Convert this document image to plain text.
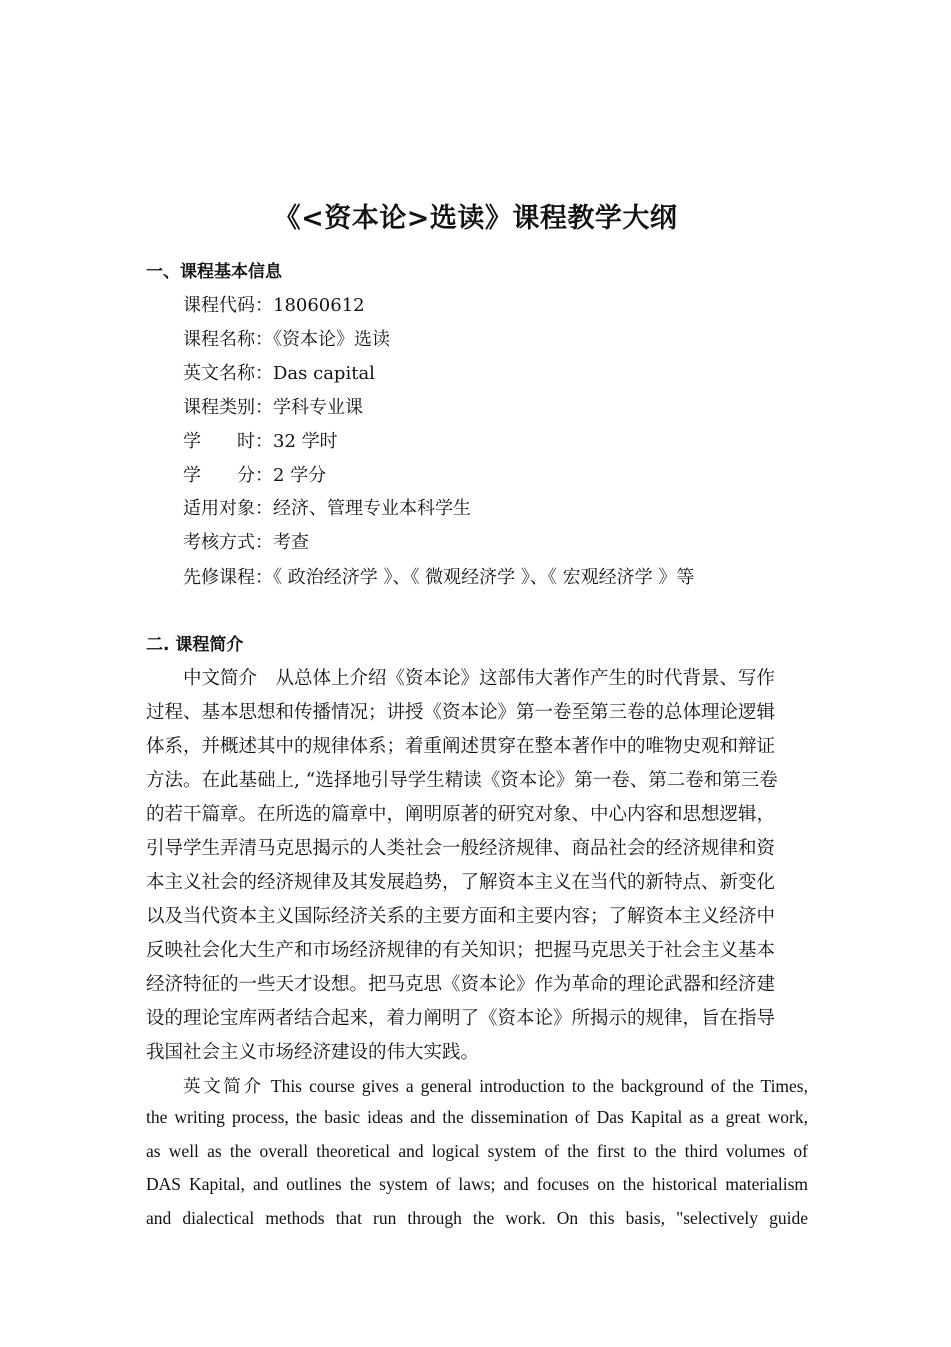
《<资本论>选读》课程教学大纲
一、课程基本信息
课程代码：18060612
课程名称：《资本论》选读
英文名称：Das capital
课程类别：学科专业课
学　　时：32 学时
学　　分：2 学分
适用对象：经济、管理专业本科学生
考核方式：考查
先修课程：《 政治经济学 》、《 微观经济学 》、《 宏观经济学 》等
二. 课程简介
中文简介　从总体上介绍《资本论》这部伟大著作产生的时代背景、写作
过程、基本思想和传播情况；讲授《资本论》第一卷至第三卷的总体理论逻辑
体系，并概述其中的规律体系；着重阐述贯穿在整本著作中的唯物史观和辩证
方法。在此基础上, “选择地引导学生精读《资本论》第一卷、第二卷和第三卷
的若干篇章。在所选的篇章中，阐明原著的研究对象、中心内容和思想逻辑，
引导学生弄清马克思揭示的人类社会一般经济规律、商品社会的经济规律和资
本主义社会的经济规律及其发展趋势，了解资本主义在当代的新特点、新变化
以及当代资本主义国际经济关系的主要方面和主要内容；了解资本主义经济中
反映社会化大生产和市场经济规律的有关知识；把握马克思关于社会主义基本
经济特征的一些天才设想。把马克思《资本论》作为革命的理论武器和经济建
设的理论宝库两者结合起来，着力阐明了《资本论》所揭示的规律，旨在指导
我国社会主义市场经济建设的伟大实践。
英文简介 This course gives a general introduction to the background of the Times,
the writing process, the basic ideas and the dissemination of Das Kapital as a great work,
as well as the overall theoretical and logical system of the first to the third volumes of
DAS Kapital, and outlines the system of laws; and focuses on the historical materialism
and dialectical methods that run through the work. On this basis, "selectively guide
